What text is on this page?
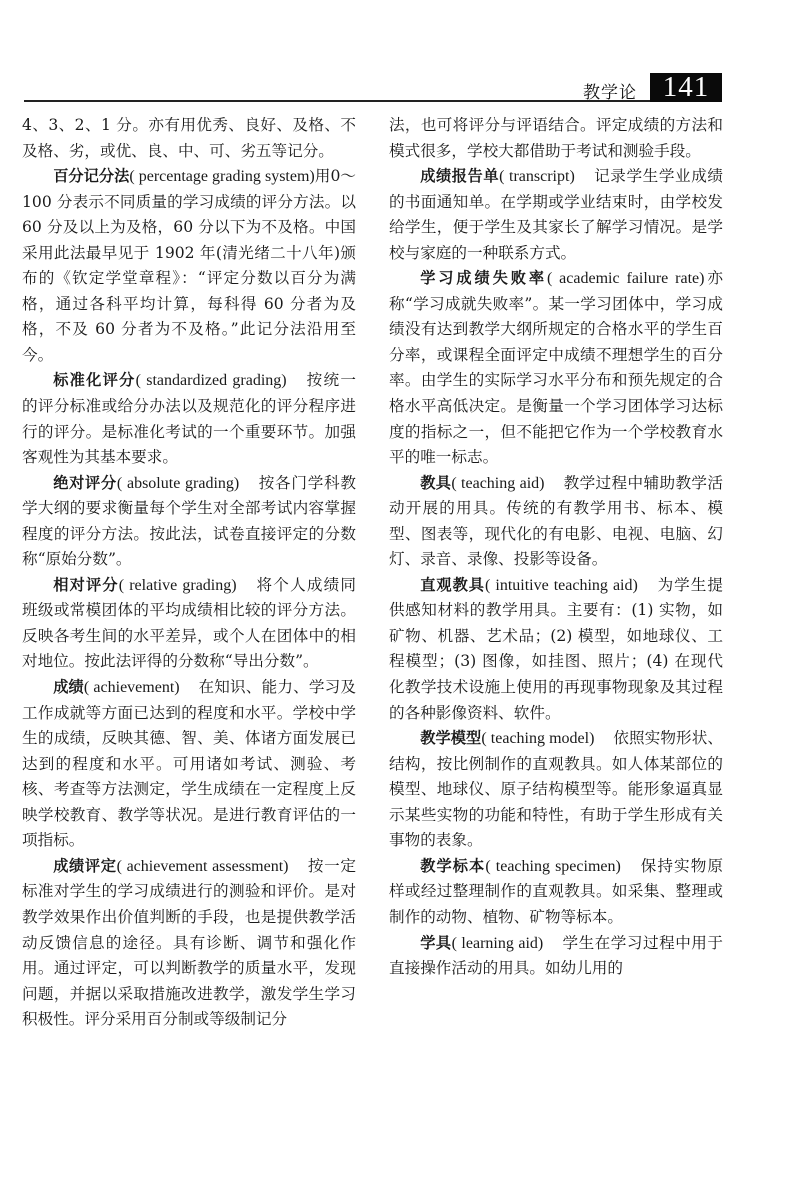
教学论 141

4、3、2、1 分。亦有用优秀、良好、及格、不及格、劣，或优、良、中、可、劣五等记分。

百分记分法( percentage grading system)用0～100 分表示不同质量的学习成绩的评分方法。以 60 分及以上为及格，60 分以下为不及格。中国采用此法最早见于 1902 年(清光绪二十八年)颁布的《钦定学堂章程》：“评定分数以百分为满格，通过各科平均计算，每科得 60 分者为及格，不及 60 分者为不及格。”此记分法沿用至今。

标准化评分( standardized grading) 按统一的评分标准或给分办法以及规范化的评分程序进行的评分。是标准化考试的一个重要环节。加强客观性为其基本要求。

绝对评分( absolute grading) 按各门学科教学大纲的要求衡量每个学生对全部考试内容掌握程度的评分方法。按此法，试卷直接评定的分数称“原始分数”。

相对评分( relative grading) 将个人成绩同班级或常模团体的平均成绩相比较的评分方法。反映各考生间的水平差异，或个人在团体中的相对地位。按此法评得的分数称“导出分数”。

成绩( achievement) 在知识、能力、学习及工作成就等方面已达到的程度和水平。学校中学生的成绩，反映其德、智、美、体诸方面发展已达到的程度和水平。可用诸如考试、测验、考核、考查等方法测定，学生成绩在一定程度上反映学校教育、教学等状况。是进行教育评估的一项指标。

成绩评定( achievement assessment) 按一定标准对学生的学习成绩进行的测验和评价。是对教学效果作出价值判断的手段，也是提供教学活动反馈信息的途径。具有诊断、调节和强化作用。通过评定，可以判断教学的质量水平，发现问题，并据以采取措施改进教学，激发学生学习积极性。评分采用百分制或等级制记分

法，也可将评分与评语结合。评定成绩的方法和模式很多，学校大都借助于考试和测验手段。

成绩报告单( transcript) 记录学生学业成绩的书面通知单。在学期或学业结束时，由学校发给学生，便于学生及其家长了解学习情况。是学校与家庭的一种联系方式。

学习成绩失败率( academic failure rate)亦称“学习成就失败率”。某一学习团体中，学习成绩没有达到教学大纲所规定的合格水平的学生百分率，或课程全面评定中成绩不理想学生的百分率。由学生的实际学习水平分布和预先规定的合格水平高低决定。是衡量一个学习团体学习达标度的指标之一，但不能把它作为一个学校教育水平的唯一标志。

教具( teaching aid) 教学过程中辅助教学活动开展的用具。传统的有教学用书、标本、模型、图表等，现代化的有电影、电视、电脑、幻灯、录音、录像、投影等设备。

直观教具( intuitive teaching aid) 为学生提供感知材料的教学用具。主要有：(1) 实物，如矿物、机器、艺术品；(2) 模型，如地球仪、工程模型；(3) 图像，如挂图、照片；(4) 在现代化教学技术设施上使用的再现事物现象及其过程的各种影像资料、软件。

教学模型( teaching model) 依照实物形状、结构，按比例制作的直观教具。如人体某部位的模型、地球仪、原子结构模型等。能形象逼真显示某些实物的功能和特性，有助于学生形成有关事物的表象。

教学标本( teaching specimen) 保持实物原样或经过整理制作的直观教具。如采集、整理或制作的动物、植物、矿物等标本。

学具( learning aid) 学生在学习过程中用于直接操作活动的用具。如幼儿用的
